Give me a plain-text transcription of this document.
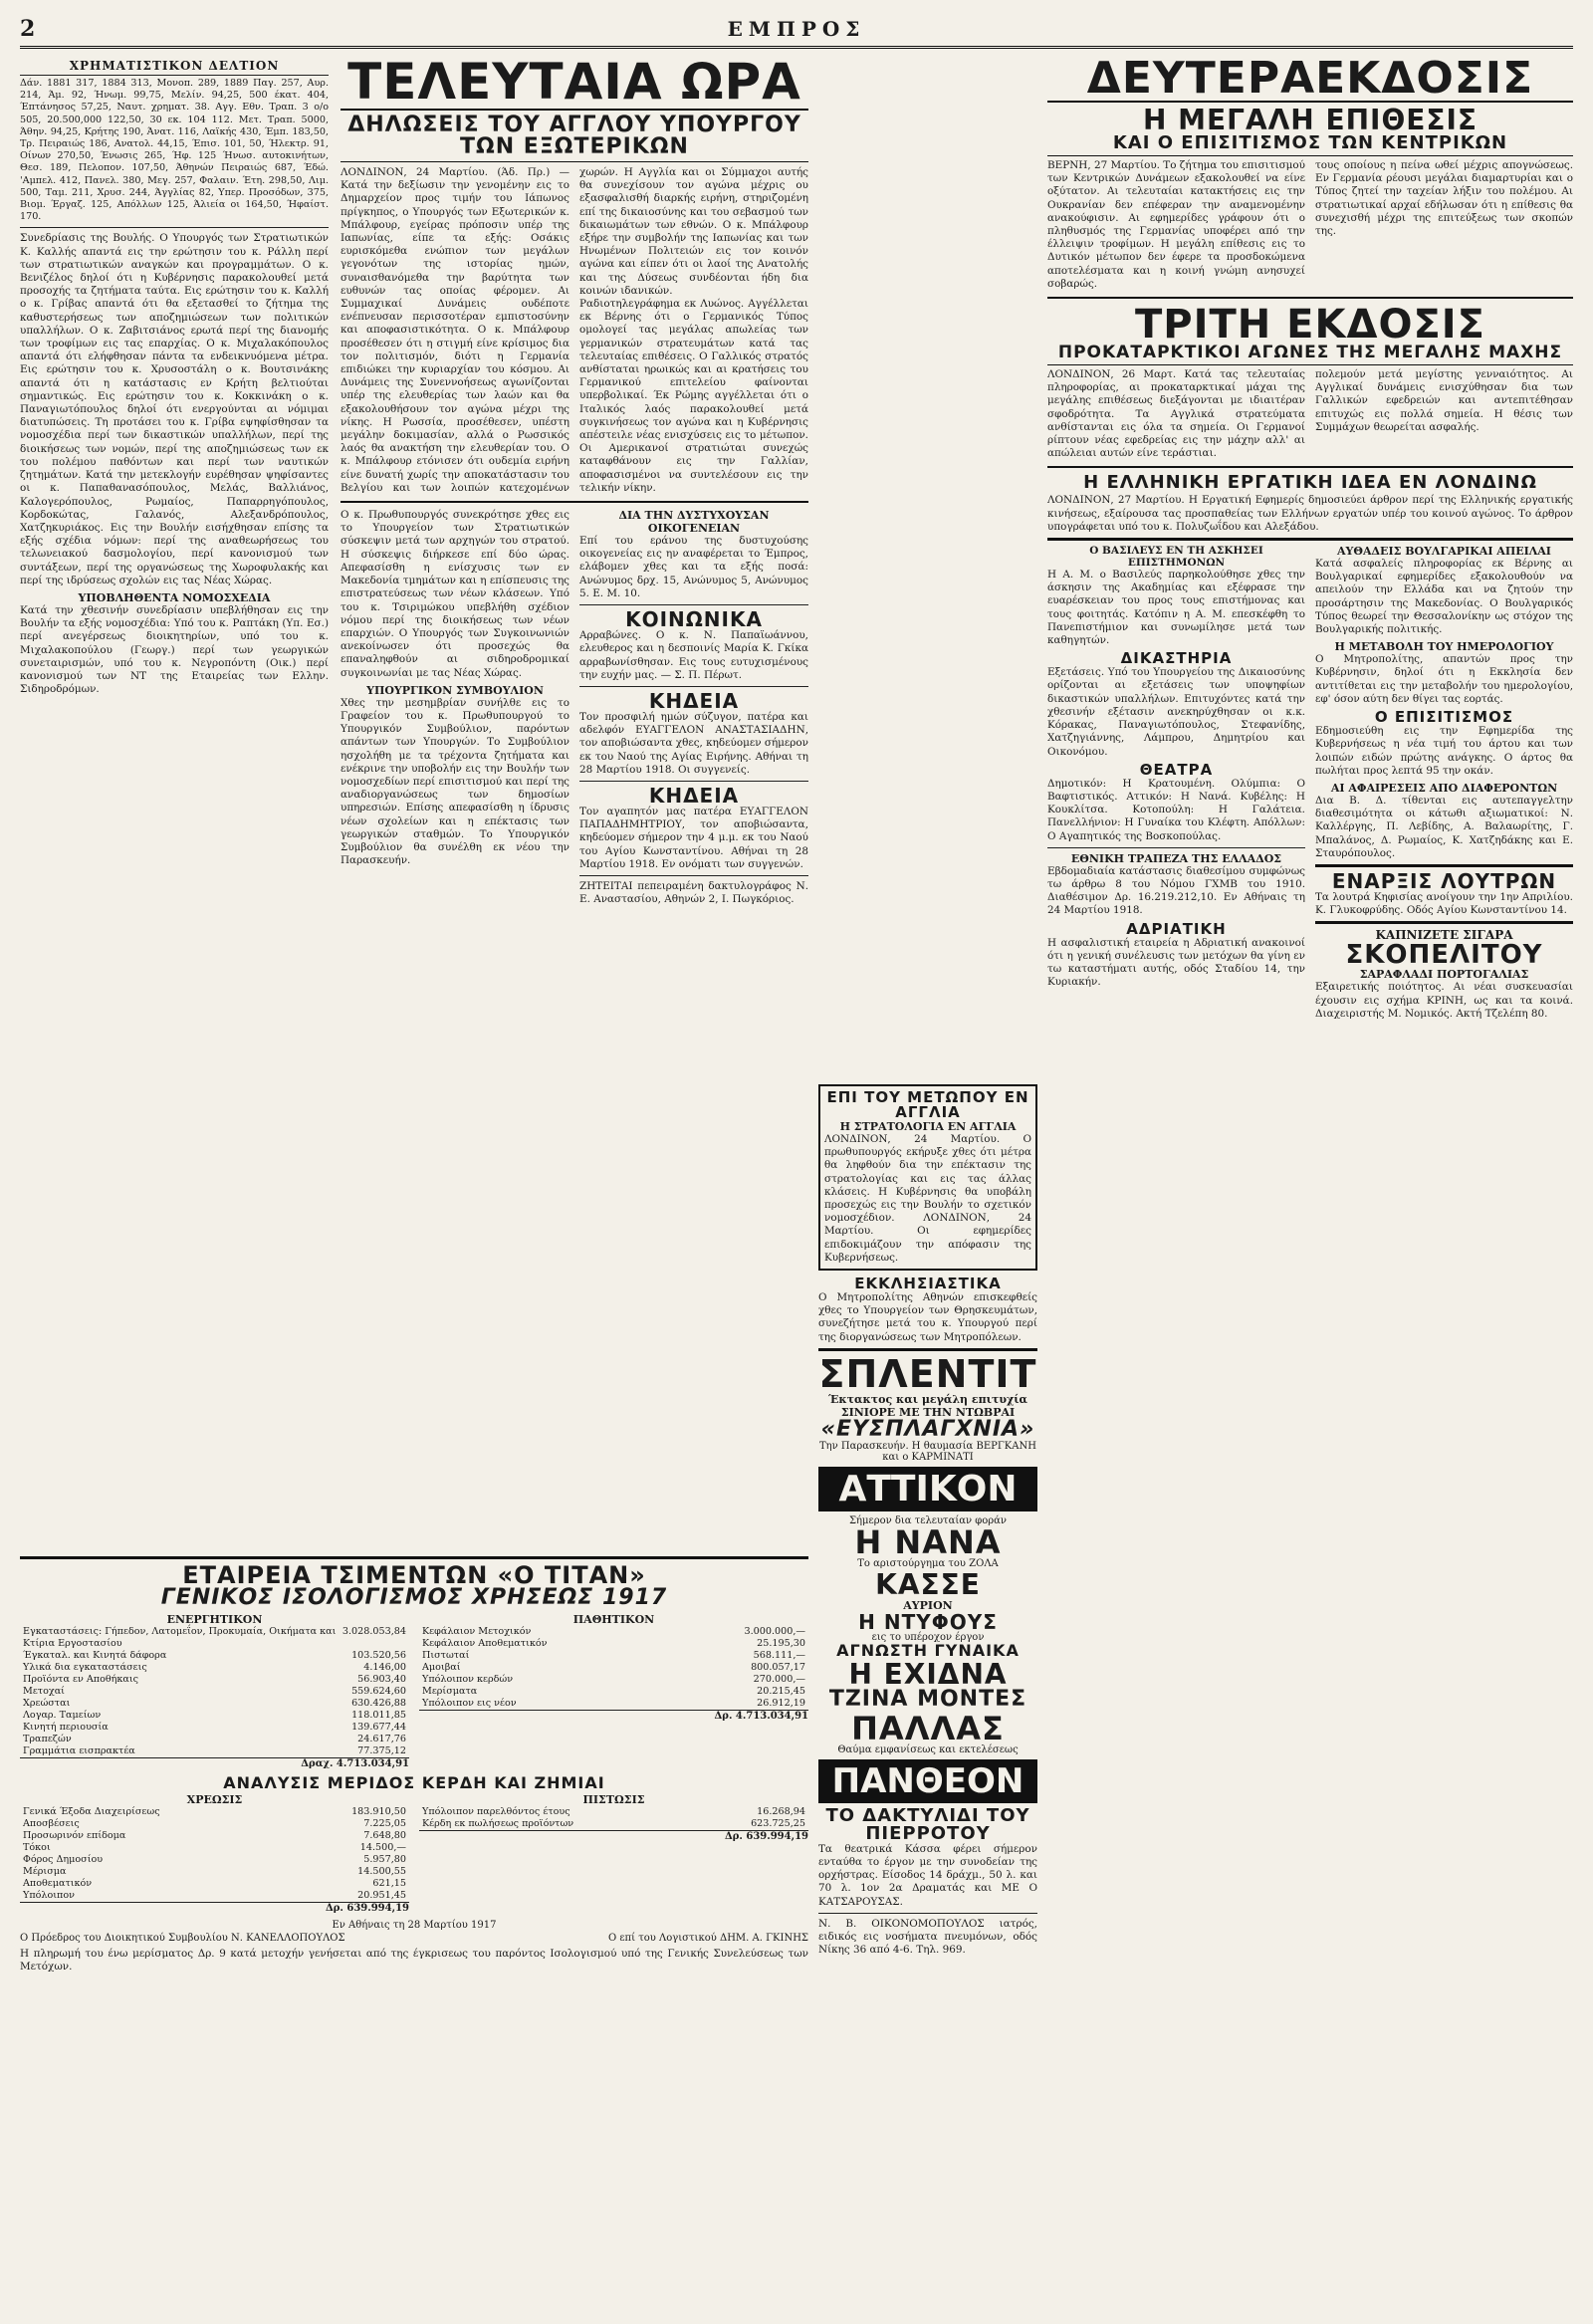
2	ΕΜΠΡΟΣ
ΧΡΗΜΑΤΙΣΤΙΚΟΝ ΔΕΛΤΙΟΝ
Δάν. 1881 317, 1884 313, Μονοπ. 289, 1889 Παγ. 257, Αυρ. 214, Άμ. 92, Ήνωμ. 99,75, Μελίν. 94,25, 500 έκατ. 404, Έπτάνησος 57,25, Ναυτ. χρηματ. 38. Αγγ. Εθν. Τραπ. 3 ο/ο 505, 20.500,000 122,50, 30 εκ. 104 112. Μετ. Τραπ. 5000, Άθην. 94,25, Κρήτης 190, Άνατ. 116, Λαϊκής 430, Έμπ. 183,50, Τρ. Πειραιώς 186, Ανατολ. 44,15, Έπισ. 101, 50, Ήλεκτρ. 91, Οίνων 270,50, Ένωσις 265, Ήφ. 125 Ήνωσ. αυτοκινήτων, Θεσ. 189, Πελοπον. 107,50, Άθηνών Πειραιώς 687, Έδώ. 'Αμπελ. 412, Πανελ. 380, Μεγ. 257, Φαλαιν. Έτη. 298,50, Λιμ. 500, Ταμ. 211, Χρυσ. 244, Άγγλίας 82, Υπερ. Προσόδων, 375, Βιομ. Έργαζ. 125, Απόλλων 125, Άλιεία οι 164,50, Ήφαίστ. 170.
Συνεδρίασις της Βουλής. Ο Υπουργός των Στρατιωτικών Κ. Καλλής απαντά εις την ερώτησιν του κ. Ράλλη περί των στρατιωτικών αναγκών και προγραμμάτων. Ο κ. Βενιζέλος δηλοί ότι η Κυβέρνησις παρακολουθεί μετά προσοχής τα ζητήματα ταύτα. Εις ερώτησιν του κ. Καλλή ο κ. Γρίβας απαντά ότι θα εξετασθεί το ζήτημα της καθυστερήσεως των αποζημιώσεων των πολιτικών υπαλλήλων. Ο κ. Ζαβιτσιάνος ερωτά περί της διανομής των τροφίμων εις τας επαρχίας. Ο κ. Μιχαλακόπουλος απαντά ότι ελήφθησαν πάντα τα ενδεικνυόμενα μέτρα. Εις ερώτησιν του κ. Χρυσοστάλη ο κ. Βουτσινάκης απαντά ότι η κατάστασις εν Κρήτη βελτιούται σημαντικώς. Εις ερώτησιν του κ. Κοκκινάκη ο κ. Παναγιωτόπουλος δηλοί ότι ενεργούνται αι νόμιμαι διατυπώσεις. Τη προτάσει του κ. Γρίβα εψηφίσθησαν τα νομοσχέδια περί των δικαστικών υπαλλήλων, περί της διοικήσεως των νομών, περί της αποζημιώσεως των εκ του πολέμου παθόντων και περί των ναυτικών ζητημάτων. Κατά την μετεκλογήν ευρέθησαν ψηφίσαντες οι κ. Παπαθανασόπουλος, Μελάς, Βαλλιάνος, Καλογερόπουλος, Ρωμαίος, Παπαρρηγόπουλος, Κορδοκώτας, Γαλανός, Αλεξανδρόπουλος, Χατζηκυριάκος. Εις την Βουλήν εισήχθησαν επίσης τα εξής σχέδια νόμων: περί της αναθεωρήσεως του τελωνειακού δασμολογίου, περί κανονισμού των συντάξεων, περί της οργανώσεως της Χωροφυλακής και περί της ιδρύσεως σχολών εις τας Νέας Χώρας.
ΥΠΟΒΛΗΘΕΝΤΑ ΝΟΜΟΣΧΕΔΙΑ
Κατά την χθεσινήν συνεδρίασιν υπεβλήθησαν εις την Βουλήν τα εξής νομοσχέδια: Υπό του κ. Ραπτάκη (Υπ. Εσ.) περί ανεγέρσεως διοικητηρίων, υπό του κ. Μιχαλακοπούλου (Γεωργ.) περί των γεωργικών συνεταιρισμών, υπό του κ. Νεγροπόντη (Οικ.) περί κανονισμού των ΝΤ της Εταιρείας των Ελλην. Σιδηροδρόμων.
ΤΕΛΕΥΤΑΙΑ ΩΡΑ
ΔΗΛΩΣΕΙΣ ΤΟΥ ΑΓΓΛΟΥ ΥΠΟΥΡΓΟΥ ΤΩΝ ΕΞΩΤΕΡΙΚΩΝ
ΛΟΝΔΙΝΟΝ, 24 Μαρτίου. (Άδ. Πρ.) — Κατά την δεξίωσιν την γενομένην εις το Δημαρχείον προς τιμήν του Ιάπωνος πρίγκηπος, ο Υπουργός των Εξωτερικών κ. Μπάλφουρ, εγείρας πρόποσιν υπέρ της Ιαπωνίας, είπε τα εξής: Οσάκις ευρισκόμεθα ενώπιον των μεγάλων γεγονότων της ιστορίας ημών, συναισθανόμεθα την βαρύτητα των ευθυνών τας οποίας φέρομεν. Αι Συμμαχικαί Δυνάμεις ουδέποτε ενέπνευσαν περισσοτέραν εμπιστοσύνην και αποφασιστικότητα. Ο κ. Μπάλφουρ προσέθεσεν ότι η στιγμή είνε κρίσιμος δια τον πολιτισμόν, διότι η Γερμανία επιδιώκει την κυριαρχίαν του κόσμου. Αι Δυνάμεις της Συνεννοήσεως αγωνίζονται υπέρ της ελευθερίας των λαών και θα εξακολουθήσουν τον αγώνα μέχρι της νίκης. Η Ρωσσία, προσέθεσεν, υπέστη μεγάλην δοκιμασίαν, αλλά ο Ρωσσικός λαός θα ανακτήση την ελευθερίαν του. Ο κ. Μπάλφουρ ετόνισεν ότι ουδεμία ειρήνη είνε δυνατή χωρίς την αποκατάστασιν του Βελγίου και των λοιπών κατεχομένων χωρών. Η Αγγλία και οι Σύμμαχοι αυτής θα συνεχίσουν τον αγώνα μέχρις ου εξασφαλισθή διαρκής ειρήνη, στηριζομένη επί της δικαιοσύνης και του σεβασμού των δικαιωμάτων των εθνών. Ο κ. Μπάλφουρ εξήρε την συμβολήν της Ιαπωνίας και των Ηνωμένων Πολιτειών εις τον κοινόν αγώνα και είπεν ότι οι λαοί της Ανατολής και της Δύσεως συνδέονται ήδη δια κοινών ιδανικών.
Ραδιοτηλεγράφημα εκ Λυώνος. Αγγέλλεται εκ Βέρνης ότι ο Γερμανικός Τύπος ομολογεί τας μεγάλας απωλείας των γερμανικών στρατευμάτων κατά τας τελευταίας επιθέσεις. Ο Γαλλικός στρατός ανθίσταται ηρωικώς και αι κρατήσεις του Γερμανικού επιτελείου φαίνονται υπερβολικαί. Έκ Ρώμης αγγέλλεται ότι ο Ιταλικός λαός παρακολουθεί μετά συγκινήσεως τον αγώνα και η Κυβέρνησις απέστειλε νέας ενισχύσεις εις το μέτωπον. Οι Αμερικανοί στρατιώται συνεχώς καταφθάνουν εις την Γαλλίαν, αποφασισμένοι να συντελέσουν εις την τελικήν νίκην.
Ο κ. Πρωθυπουργός συνεκρότησε χθες εις το Υπουργείον των Στρατιωτικών σύσκεψιν μετά των αρχηγών του στρατού. Η σύσκεψις διήρκεσε επί δύο ώρας. Απεφασίσθη η ενίσχυσις των εν Μακεδονία τμημάτων και η επίσπευσις της επιστρατεύσεως των νέων κλάσεων. Υπό του κ. Τσιριμώκου υπεβλήθη σχέδιον νόμου περί της διοικήσεως των νέων επαρχιών. Ο Υπουργός των Συγκοινωνιών ανεκοίνωσεν ότι προσεχώς θα επαναληφθούν αι σιδηροδρομικαί συγκοινωνίαι με τας Νέας Χώρας.
ΥΠΟΥΡΓΙΚΟΝ ΣΥΜΒΟΥΛΙΟΝ
Χθες την μεσημβρίαν συνήλθε εις το Γραφείον του κ. Πρωθυπουργού το Υπουργικόν Συμβούλιον, παρόντων απάντων των Υπουργών. Το Συμβούλιον ησχολήθη με τα τρέχοντα ζητήματα και ενέκρινε την υποβολήν εις την Βουλήν των νομοσχεδίων περί επισιτισμού και περί της αναδιοργανώσεως των δημοσίων υπηρεσιών. Επίσης απεφασίσθη η ίδρυσις νέων σχολείων και η επέκτασις των γεωργικών σταθμών. Το Υπουργικόν Συμβούλιον θα συνέλθη εκ νέου την Παρασκευήν.
ΔΙΑ ΤΗΝ ΔΥΣΤΥΧΟΥΣΑΝ ΟΙΚΟΓΕΝΕΙΑΝ
Επί του εράνου της δυστυχούσης οικογενείας εις ην αναφέρεται το Έμπρος, ελάβομεν χθες και τα εξής ποσά: Ανώνυμος δρχ. 15, Ανώνυμος 5, Ανώνυμος 5. Ε. Μ. 10.
ΚΟΙΝΩΝΙΚΑ
Αρραβώνες. Ο κ. Ν. Παπαϊωάννου, ελευθερος και η δεσποινίς Μαρία Κ. Γκίκα αρραβωνίσθησαν. Εις τους ευτυχισμένους την ευχήν μας. — Σ. Π. Πέρωτ.
ΚΗΔΕΙΑ
Τον προσφιλή ημών σύζυγον, πατέρα και αδελφόν ΕΥΑΓΓΕΛΟΝ ΑΝΑΣΤΑΣΙΑΔΗΝ, τον αποβιώσαντα χθες, κηδεύομεν σήμερον εκ του Ναού της Αγίας Ειρήνης. Αθήναι τη 28 Μαρτίου 1918. Οι συγγενείς.
ΚΗΔΕΙΑ
Τον αγαπητόν μας πατέρα ΕΥΑΓΓΕΛΟΝ ΠΑΠΑΔΗΜΗΤΡΙΟΥ, τον αποβιώσαντα, κηδεύομεν σήμερον την 4 μ.μ. εκ του Ναού του Αγίου Κωνσταντίνου. Αθήναι τη 28 Μαρτίου 1918. Εν ονόματι των συγγενών.
ΖΗΤΕΙΤΑΙ πεπειραμένη δακτυλογράφος Ν. Ε. Αναστασίου, Αθηνών 2, Ι. Πωγκόριος.
ΕΤΑΙΡΕΙΑ ΤΣΙΜΕΝΤΩΝ «Ο ΤΙΤΑΝ»
ΓΕΝΙΚΟΣ ΙΣΟΛΟΓΙΣΜΟΣ ΧΡΗΣΕΩΣ 1917
ΕΝΕΡΓΗΤΙΚΟΝ
Εγκαταστάσεις: Γήπεδον, Λατομεΐον, Προκυμαία, Οικήματα και Κτίρια Εργοστασίου	3.028.053,84
Έγκαταλ. και Κινητά δάφορα	103.520,56
Υλικά δια εγκαταστάσεις	4.146,00
Προϊόντα εν Αποθήκαις	56.903,40
Μετοχαί	559.624,60
Χρεώσται	630.426,88
Λογαρ. Ταμείων	118.011,85
Κινητή περιουσία	139.677,44
Τραπεζών	24.617,76
Γραμμάτια εισπρακτέα	77.375,12
Δραχ. 4.713.034,91
ΠΑΘΗΤΙΚΟΝ
Κεφάλαιον Μετοχικόν	3.000.000,—
Κεφάλαιον Αποθεματικόν	25.195,30
Πιστωταί	568.111,—
Αμοιβαί	800.057,17
Υπόλοιπον κερδών	270.000,—
Μερίσματα	20.215,45
Υπόλοιπον εις νέον	26.912,19
Δρ. 4.713.034,91
ΑΝΑΛΥΣΙΣ ΜΕΡΙΔΟΣ ΚΕΡΔΗ ΚΑΙ ΖΗΜΙΑΙ
ΧΡΕΩΣΙΣ
Γενικά Έξοδα Διαχειρίσεως	183.910,50
Αποσβέσεις	7.225,05
Προσωρινόν επίδομα	7.648,80
Τόκοι	14.500,—
Φόρος Δημοσίου	5.957,80
Μέρισμα	14.500,55
Αποθεματικόν	621,15
Υπόλοιπον	20.951,45
Δρ. 639.994,19
ΠΙΣΤΩΣΙΣ
Υπόλοιπον παρελθόντος έτους	16.268,94
Κέρδη εκ πωλήσεως προϊόντων	623.725,25
Δρ. 639.994,19
Εν Αθήναις τη 28 Μαρτίου 1917
Ο Πρόεδρος του Διοικητικού Συμβουλίου Ν. ΚΑΝΕΛΛΟΠΟΥΛΟΣ	Ο επί του Λογιστικού ΔΗΜ. Α. ΓΚΙΝΗΣ
Η πληρωμή του ένω μερίσματος Δρ. 9 κατά μετοχήν γενήσεται από της έγκρισεως του παρόντος Ισολογισμού υπό της Γενικής Συνελεύσεως των Μετόχων.
ΕΠΙ ΤΟΥ ΜΕΤΩΠΟΥ ΕΝ ΑΓΓΛΙΑ
Η ΣΤΡΑΤΟΛΟΓΙΑ ΕΝ ΑΓΓΛΙΑ
ΛΟΝΔΙΝΟΝ, 24 Μαρτίου. Ο πρωθυπουργός εκήρυξε χθες ότι μέτρα θα ληφθούν δια την επέκτασιν της στρατολογίας και εις τας άλλας κλάσεις. Η Κυβέρνησις θα υποβάλη προσεχώς εις την Βουλήν το σχετικόν νομοσχέδιον. ΛΟΝΔΙΝΟΝ, 24 Μαρτίου. Οι εφημερίδες επιδοκιμάζουν την απόφασιν της Κυβερνήσεως.
ΕΚΚΛΗΣΙΑΣΤΙΚΑ
Ο Μητροπολίτης Αθηνών επισκεφθείς χθες το Υπουργείον των Θρησκευμάτων, συνεζήτησε μετά του κ. Υπουργού περί της διοργανώσεως των Μητροπόλεων.
ΣΠΛΕΝΤΙΤ
Έκτακτος και μεγάλη επιτυχία ΣΙΝΙΟΡΕ ΜΕ ΤΗΝ ΝΤΩΒΡΑΙ
«ΕΥΣΠΛΑΓΧΝΙΑ»
Την Παρασκευήν. Η θαυμασία ΒΕΡΓΚΑΝΗ και ο ΚΑΡΜΙΝΑΤΙ
ΑΤΤΙΚΟΝ
Σήμερον δια τελευταίαν φοράν
Η ΝΑΝΑ
Το αριστούργημα του ΖΟΛΑ
ΚΑΣΣΕ
ΑΥΡΙΟΝ
Η ΝΤΥΦΟΥΣ
εις το υπέροχον έργον
ΑΓΝΩΣΤΗ ΓΥΝΑΙΚΑ
Η ΕΧΙΔΝΑ
ΤΖΙΝΑ ΜΟΝΤΕΣ
ΠΑΛΛΑΣ
Θαύμα εμφανίσεως και εκτελέσεως
ΠΑΝΘΕΟΝ
ΤΟ ΔΑΚΤΥΛΙΔΙ ΤΟΥ ΠΙΕΡΡΟΤΟΥ
Τα θεατρικά Κάσσα φέρει σήμερον ενταύθα το έργον με την συνοδείαν της ορχήστρας. Είσοδος 14 δράχμ., 50 λ. και 70 λ. 1ον 2α Δραματάς και ΜΕ Ο ΚΑΤΣΑΡΟΥΣΑΣ.
Ν. Β. ΟΙΚΟΝΟΜΟΠΟΥΛΟΣ ιατρός, ειδικός εις νοσήματα πνευμόνων, οδός Νίκης 36 από 4-6. Τηλ. 969.
ΔΕΥΤΕΡΑΕΚΔΟΣΙΣ
Η ΜΕΓΑΛΗ ΕΠΙΘΕΣΙΣ
ΚΑΙ Ο ΕΠΙΣΙΤΙΣΜΟΣ ΤΩΝ ΚΕΝΤΡΙΚΩΝ
ΒΕΡΝΗ, 27 Μαρτίου. Το ζήτημα του επισιτισμού των Κεντρικών Δυνάμεων εξακολουθεί να είνε οξύτατον. Αι τελευταίαι κατακτήσεις εις την Ουκρανίαν δεν επέφεραν την αναμενομένην ανακούφισιν. Αι εφημερίδες γράφουν ότι ο πληθυσμός της Γερμανίας υποφέρει από την έλλειψιν τροφίμων. Η μεγάλη επίθεσις εις το Δυτικόν μέτωπον δεν έφερε τα προσδοκώμενα αποτελέσματα και η κοινή γνώμη ανησυχεί σοβαρώς.
τους οποίους η πείνα ωθεί μέχρις απογνώσεως. Εν Γερμανία ρέουσι μεγάλαι διαμαρτυρίαι και ο Τύπος ζητεί την ταχείαν λήξιν του πολέμου. Αι στρατιωτικαί αρχαί εδήλωσαν ότι η επίθεσις θα συνεχισθή μέχρι της επιτεύξεως των σκοπών της.
ΤΡΙΤΗ ΕΚΔΟΣΙΣ
ΠΡΟΚΑΤΑΡΚΤΙΚΟΙ ΑΓΩΝΕΣ ΤΗΣ ΜΕΓΑΛΗΣ ΜΑΧΗΣ
ΛΟΝΔΙΝΟΝ, 26 Μαρτ. Κατά τας τελευταίας πληροφορίας, αι προκαταρκτικαί μάχαι της μεγάλης επιθέσεως διεξάγονται με ιδιαιτέραν σφοδρότητα. Τα Αγγλικά στρατεύματα ανθίστανται εις όλα τα σημεία. Οι Γερμανοί ρίπτουν νέας εφεδρείας εις την μάχην αλλ' αι απώλειαι αυτών είνε τεράστιαι.
πολεμούν μετά μεγίστης γενναιότητος. Αι Αγγλικαί δυνάμεις ενισχύθησαν δια των Γαλλικών εφεδρειών και αντεπιτέθησαν επιτυχώς εις πολλά σημεία. Η θέσις των Συμμάχων θεωρείται ασφαλής.
Η ΕΛΛΗΝΙΚΗ ΕΡΓΑΤΙΚΗ ΙΔΕΑ ΕΝ ΛΟΝΔΙΝΩ
ΛΟΝΔΙΝΟΝ, 27 Μαρτίου. Η Εργατική Εφημερίς δημοσιεύει άρθρον περί της Ελληνικής εργατικής κινήσεως, εξαίρουσα τας προσπαθείας των Ελλήνων εργατών υπέρ του κοινού αγώνος. Το άρθρον υπογράφεται υπό του κ. Πολυζωΐδου και Αλεξάδου.
Ο ΒΑΣΙΛΕΥΣ ΕΝ ΤΗ ΑΣΚΗΣΕΙ ΕΠΙΣΤΗΜΟΝΩΝ
Η Α. Μ. ο Βασιλεύς παρηκολούθησε χθες την άσκησιν της Ακαδημίας και εξέφρασε την ευαρέσκειαν του προς τους επιστήμονας και τους φοιτητάς. Κατόπιν η Α. Μ. επεσκέφθη το Πανεπιστήμιον και συνωμίλησε μετά των καθηγητών.
ΔΙΚΑΣΤΗΡΙΑ
Εξετάσεις. Υπό του Υπουργείου της Δικαιοσύνης ορίζονται αι εξετάσεις των υποψηφίων δικαστικών υπαλλήλων. Επιτυχόντες κατά την χθεσινήν εξέτασιν ανεκηρύχθησαν οι κ.κ. Κόρακας, Παναγιωτόπουλος, Στεφανίδης, Χατζηγιάννης, Λάμπρου, Δημητρίου και Οικονόμου.
ΘΕΑΤΡΑ
Δημοτικόν: Η Κρατουμένη. Ολύμπια: Ο Βαφτιστικός. Αττικόν: Η Νανά. Κυβέλης: Η Κουκλίτσα. Κοτοπούλη: Η Γαλάτεια. Πανελλήνιον: Η Γυναίκα του Κλέφτη. Απόλλων: Ο Αγαπητικός της Βοσκοπούλας.
ΕΘΝΙΚΗ ΤΡΑΠΕΖΑ ΤΗΣ ΕΛΛΑΔΟΣ
Εβδομαδιαία κατάστασις διαθεσίμου συμφώνως τω άρθρω 8 του Νόμου ΓΧΜΒ του 1910. Διαθέσιμον Δρ. 16.219.212,10. Εν Αθήναις τη 24 Μαρτίου 1918.
ΑΔΡΙΑΤΙΚΗ
Η ασφαλιστική εταιρεία η Αδριατική ανακοινοί ότι η γενική συνέλευσις των μετόχων θα γίνη εν τω καταστήματι αυτής, οδός Σταδίου 14, την Κυριακήν.
ΑΥΘΑΔΕΙΣ ΒΟΥΛΓΑΡΙΚΑΙ ΑΠΕΙΛΑΙ
Κατά ασφαλείς πληροφορίας εκ Βέρνης αι Βουλγαρικαί εφημερίδες εξακολουθούν να απειλούν την Ελλάδα και να ζητούν την προσάρτησιν της Μακεδονίας. Ο Βουλγαρικός Τύπος θεωρεί την Θεσσαλονίκην ως στόχον της Βουλγαρικής πολιτικής.
Η ΜΕΤΑΒΟΛΗ ΤΟΥ ΗΜΕΡΟΛΟΓΙΟΥ
Ο Μητροπολίτης, απαντών προς την Κυβέρνησιν, δηλοί ότι η Εκκλησία δεν αντιτίθεται εις την μεταβολήν του ημερολογίου, εφ' όσον αύτη δεν θίγει τας εορτάς.
Ο ΕΠΙΣΙΤΙΣΜΟΣ
Εδημοσιεύθη εις την Εφημερίδα της Κυβερνήσεως η νέα τιμή του άρτου και των λοιπών ειδών πρώτης ανάγκης. Ο άρτος θα πωλήται προς λεπτά 95 την οκάν.
ΑΙ ΑΦΑΙΡΕΣΕΙΣ ΑΠΟ ΔΙΑΦΕΡΟΝΤΩΝ
Δια Β. Δ. τίθενται εις αυτεπαγγελτην διαθεσιμότητα οι κάτωθι αξιωματικοί: Ν. Καλλέργης, Π. Λεβίδης, Α. Βαλαωρίτης, Γ. Μπαλάνος, Δ. Ρωμαίος, Κ. Χατζηδάκης και Ε. Σταυρόπουλος.
ΕΝΑΡΞΙΣ ΛΟΥΤΡΩΝ
Τα λουτρά Κηφισίας ανοίγουν την 1ην Απριλίου. Κ. Γλυκοφρύδης. Οδός Αγίου Κωνσταντίνου 14.
ΚΑΠΝΙΖΕΤΕ ΣΙΓΑΡΑ
ΣΚΟΠΕΛΙΤΟΥ
ΣΑΡΑΦΛΑΔΙ ΠΟΡΤΟΓΑΛΙΑΣ
Εξαιρετικής ποιότητος. Αι νέαι συσκευασίαι έχουσιν εις σχήμα ΚΡΙΝΗ, ως και τα κοινά. Διαχειριστής Μ. Νομικός. Ακτή Τζελέπη 80.
